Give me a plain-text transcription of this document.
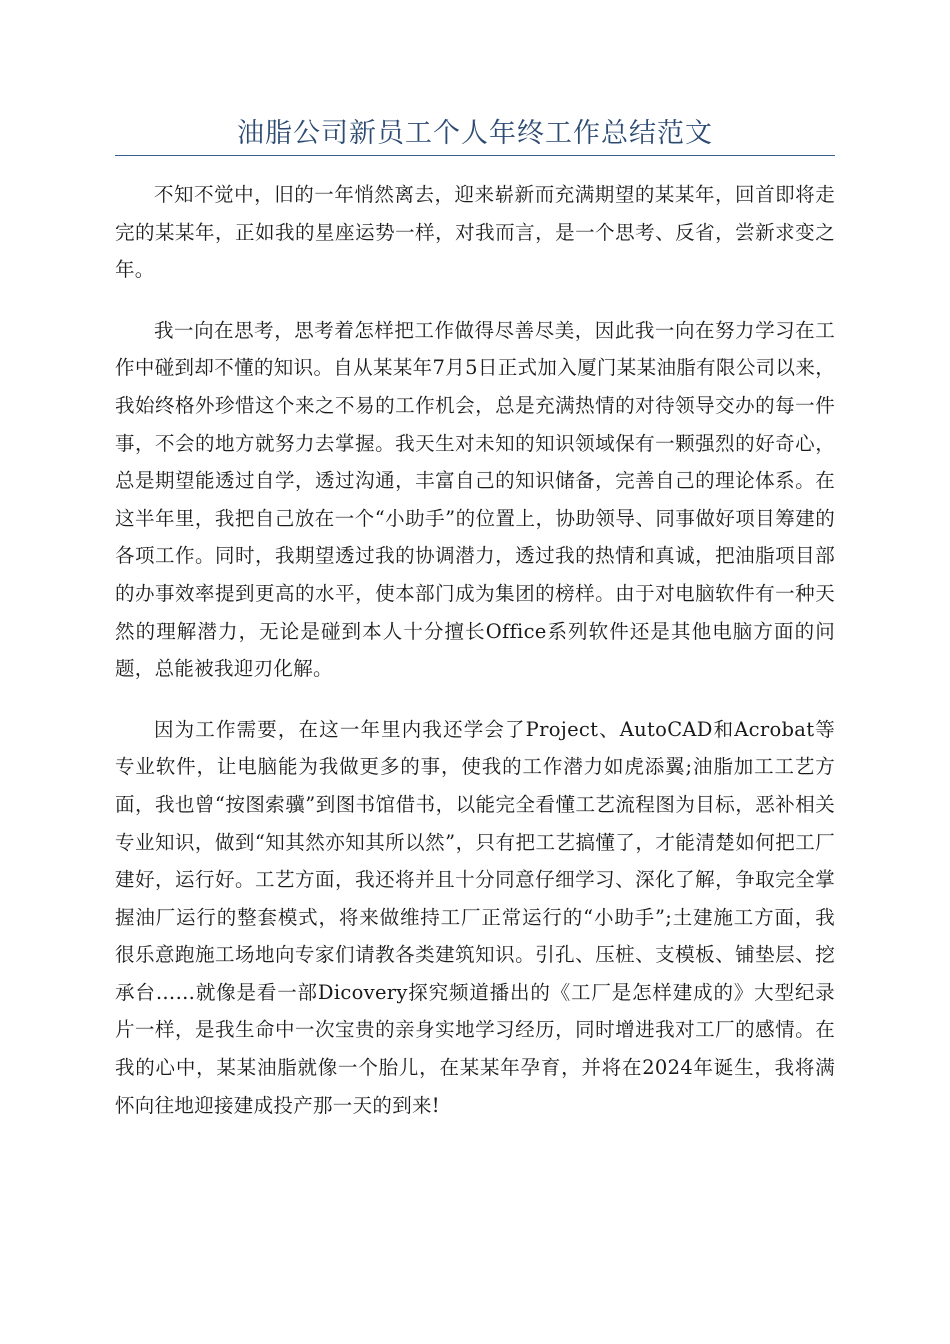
油脂公司新员工个人年终工作总结范文

不知不觉中，旧的一年悄然离去，迎来崭新而充满期望的某某年，回首即将走完的某某年，正如我的星座运势一样，对我而言，是一个思考、反省，尝新求变之年。

我一向在思考，思考着怎样把工作做得尽善尽美，因此我一向在努力学习在工作中碰到却不懂的知识。自从某某年7月5日正式加入厦门某某油脂有限公司以来，我始终格外珍惜这个来之不易的工作机会，总是充满热情的对待领导交办的每一件事，不会的地方就努力去掌握。我天生对未知的知识领域保有一颗强烈的好奇心，总是期望能透过自学，透过沟通，丰富自己的知识储备，完善自己的理论体系。在这半年里，我把自己放在一个“小助手”的位置上，协助领导、同事做好项目筹建的各项工作。同时，我期望透过我的协调潜力，透过我的热情和真诚，把油脂项目部的办事效率提到更高的水平，使本部门成为集团的榜样。由于对电脑软件有一种天然的理解潜力，无论是碰到本人十分擅长Office系列软件还是其他电脑方面的问题，总能被我迎刃化解。

因为工作需要，在这一年里内我还学会了Project、AutoCAD和Acrobat等专业软件，让电脑能为我做更多的事，使我的工作潜力如虎添翼;油脂加工工艺方面，我也曾“按图索骥”到图书馆借书，以能完全看懂工艺流程图为目标，恶补相关专业知识，做到“知其然亦知其所以然”，只有把工艺搞懂了，才能清楚如何把工厂建好，运行好。工艺方面，我还将并且十分同意仔细学习、深化了解，争取完全掌握油厂运行的整套模式，将来做维持工厂正常运行的“小助手”;土建施工方面，我很乐意跑施工场地向专家们请教各类建筑知识。引孔、压桩、支模板、铺垫层、挖承台……就像是看一部Dicovery探究频道播出的《工厂是怎样建成的》大型纪录片一样，是我生命中一次宝贵的亲身实地学习经历，同时增进我对工厂的感情。在我的心中，某某油脂就像一个胎儿，在某某年孕育，并将在2024年诞生，我将满怀向往地迎接建成投产那一天的到来!
